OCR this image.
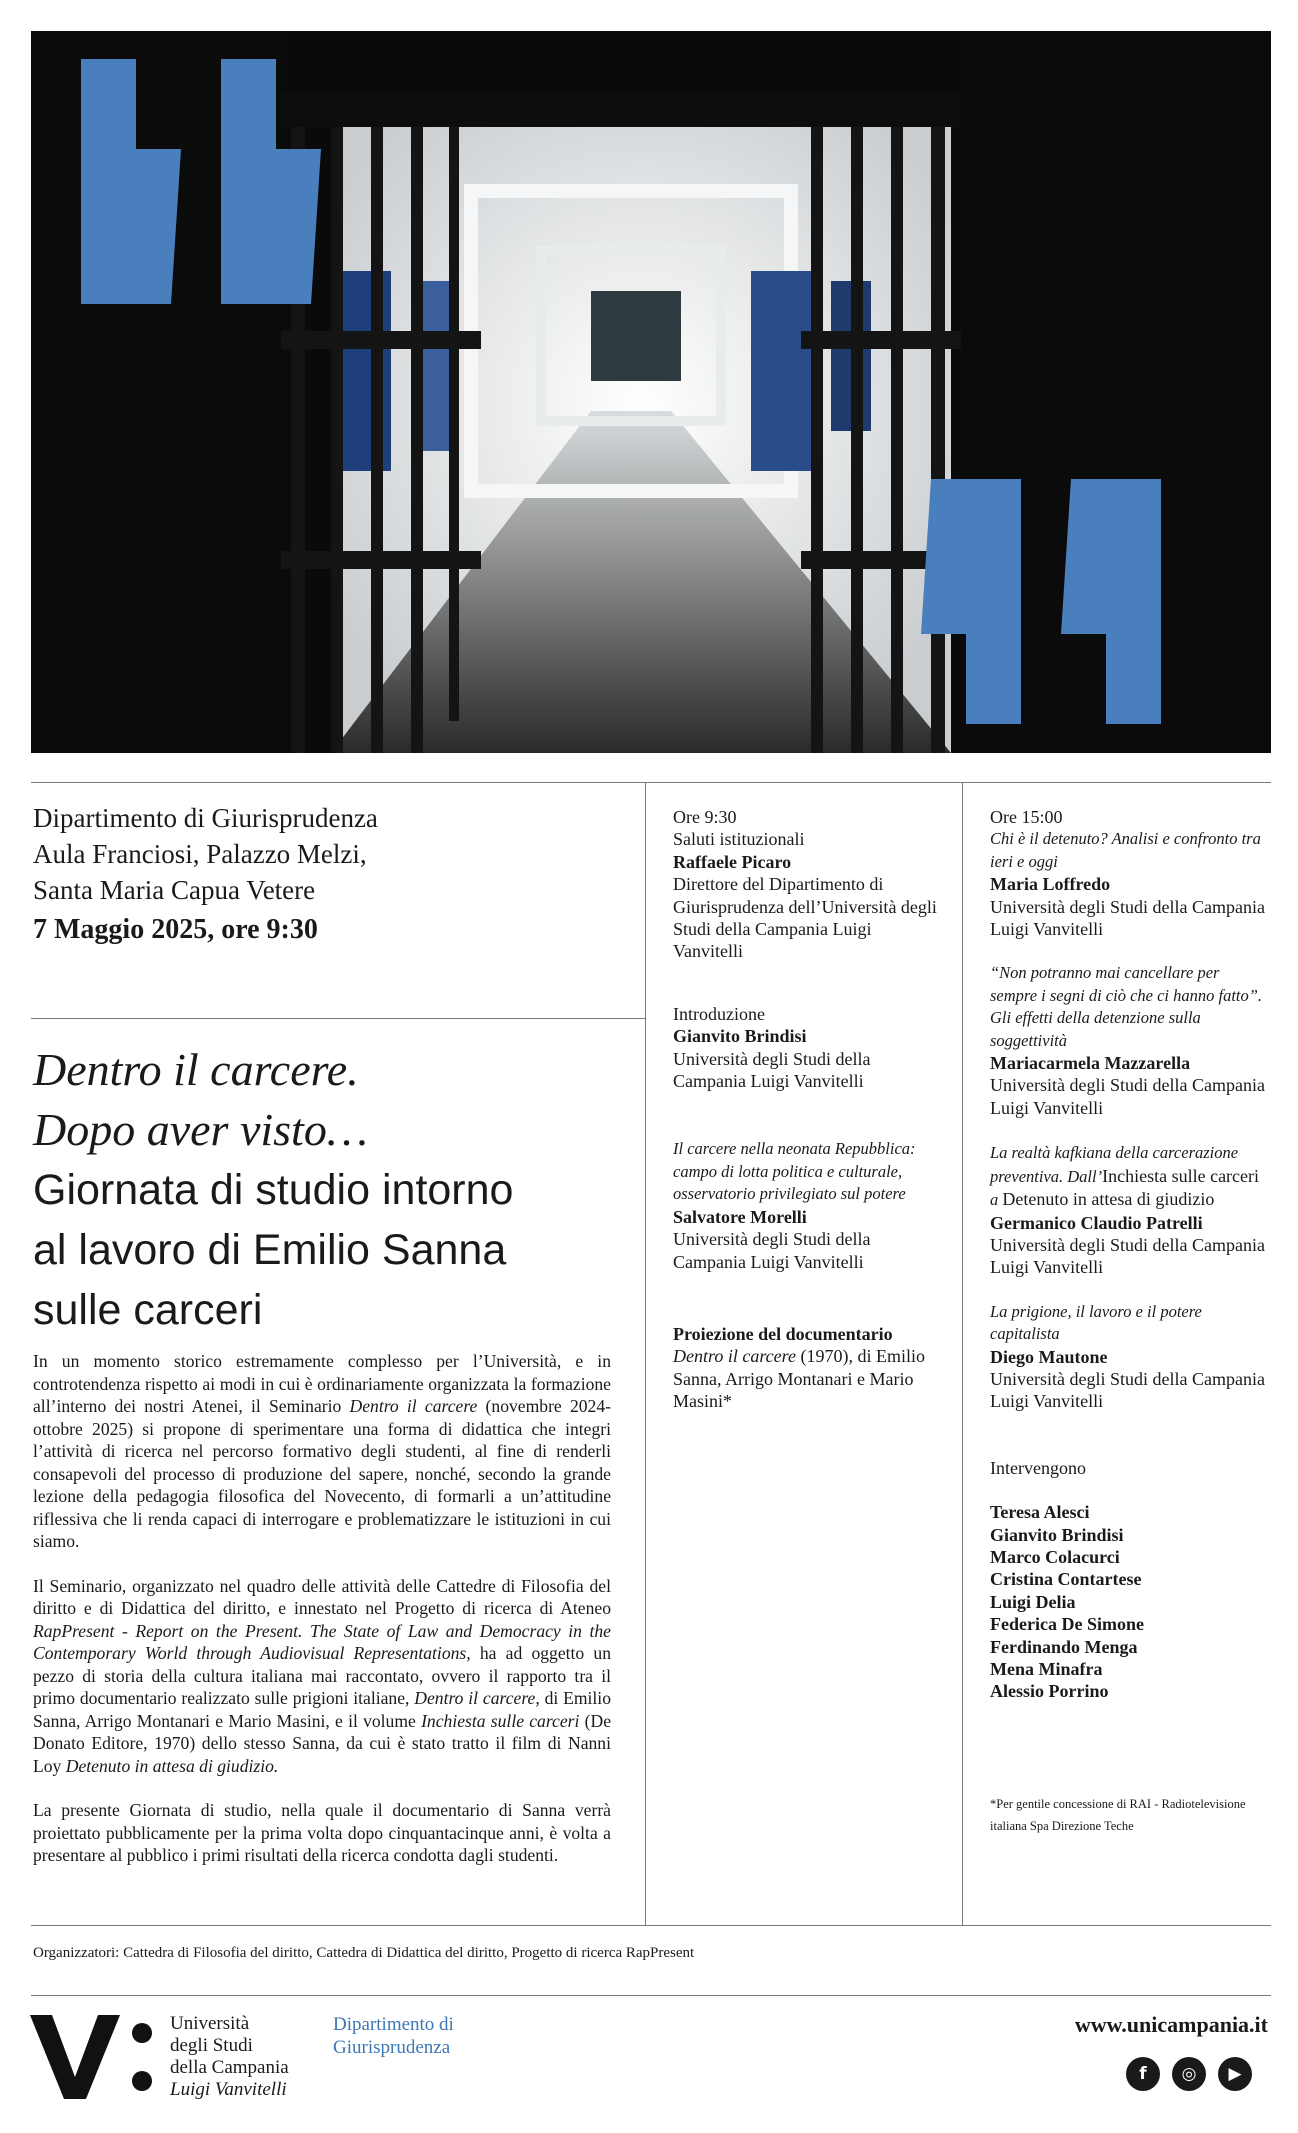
Dipartimento di Giurisprudenza
Aula Franciosi, Palazzo Melzi,
Santa Maria Capua Vetere
7 Maggio 2025, ore 9:30
Dentro il carcere.
Dopo aver visto…
Giornata di studio intorno
al lavoro di Emilio Sanna
sulle carceri

In un momento storico estremamente complesso per l’Università, e in controtendenza rispetto ai modi in cui è ordinariamente organizzata la formazione all’interno dei nostri Atenei, il Seminario Dentro il carcere (novembre 2024-ottobre 2025) si propone di sperimentare una forma di didattica che integri l’attività di ricerca nel percorso formativo degli studenti, al fine di renderli consapevoli del processo di produzione del sapere, nonché, secondo la grande lezione della pedagogia filosofica del Novecento, di formarli a un’attitudine riflessiva che li renda capaci di interrogare e problematizzare le istituzioni in cui siamo.

Il Seminario, organizzato nel quadro delle attività delle Cattedre di Filosofia del diritto e di Didattica del diritto, e innestato nel Progetto di ricerca di Ateneo RapPresent - Report on the Present. The State of Law and Democracy in the Contemporary World through Audiovisual Representations, ha ad oggetto un pezzo di storia della cultura italiana mai raccontato, ovvero il rapporto tra il primo documentario realizzato sulle prigioni italiane, Dentro il carcere, di Emilio Sanna, Arrigo Montanari e Mario Masini, e il volume Inchiesta sulle carceri (De Donato Editore, 1970) dello stesso Sanna, da cui è stato tratto il film di Nanni Loy Detenuto in attesa di giudizio.

La presente Giornata di studio, nella quale il documentario di Sanna verrà proiettato pubblicamente per la prima volta dopo cinquantacinque anni, è volta a presentare al pubblico i primi risultati della ricerca condotta dagli studenti.

Ore 9:30
Saluti istituzionali
Raffaele Picaro
Direttore del Dipartimento di Giurisprudenza dell’Università degli Studi della Campania Luigi Vanvitelli
Introduzione
Gianvito Brindisi
Università degli Studi della Campania Luigi Vanvitelli
Il carcere nella neonata Repubblica: campo di lotta politica e culturale, osservatorio privilegiato sul potere
Salvatore Morelli
Università degli Studi della Campania Luigi Vanvitelli
Proiezione del documentario
Dentro il carcere (1970), di Emilio Sanna, Arrigo Montanari e Mario Masini*
Ore 15:00
Chi è il detenuto? Analisi e confronto tra ieri e oggi
Maria Loffredo
Università degli Studi della Campania Luigi Vanvitelli
“Non potranno mai cancellare per sempre i segni di ciò che ci hanno fatto”. Gli effetti della detenzione sulla soggettività
Mariacarmela Mazzarella
Università degli Studi della Campania Luigi Vanvitelli
La realtà kafkiana della carcerazione preventiva. Dall’Inchiesta sulle carceri a Detenuto in attesa di giudizio
Germanico Claudio Patrelli
Università degli Studi della Campania Luigi Vanvitelli
La prigione, il lavoro e il potere capitalista
Diego Mautone
Università degli Studi della Campania Luigi Vanvitelli
Intervengono
Teresa Alesci
Gianvito Brindisi
Marco Colacurci
Cristina Contartese
Luigi Delia
Federica De Simone
Ferdinando Menga
Mena Minafra
Alessio Porrino
*Per gentile concessione di RAI - Radiotelevisione italiana Spa Direzione Teche
Organizzatori: Cattedra di Filosofia del diritto, Cattedra di Didattica del diritto, Progetto di ricerca RapPresent
Università
degli Studi
della Campania
Luigi Vanvitelli
Dipartimento di
Giurisprudenza
www.unicampania.it
f	◎	▶
